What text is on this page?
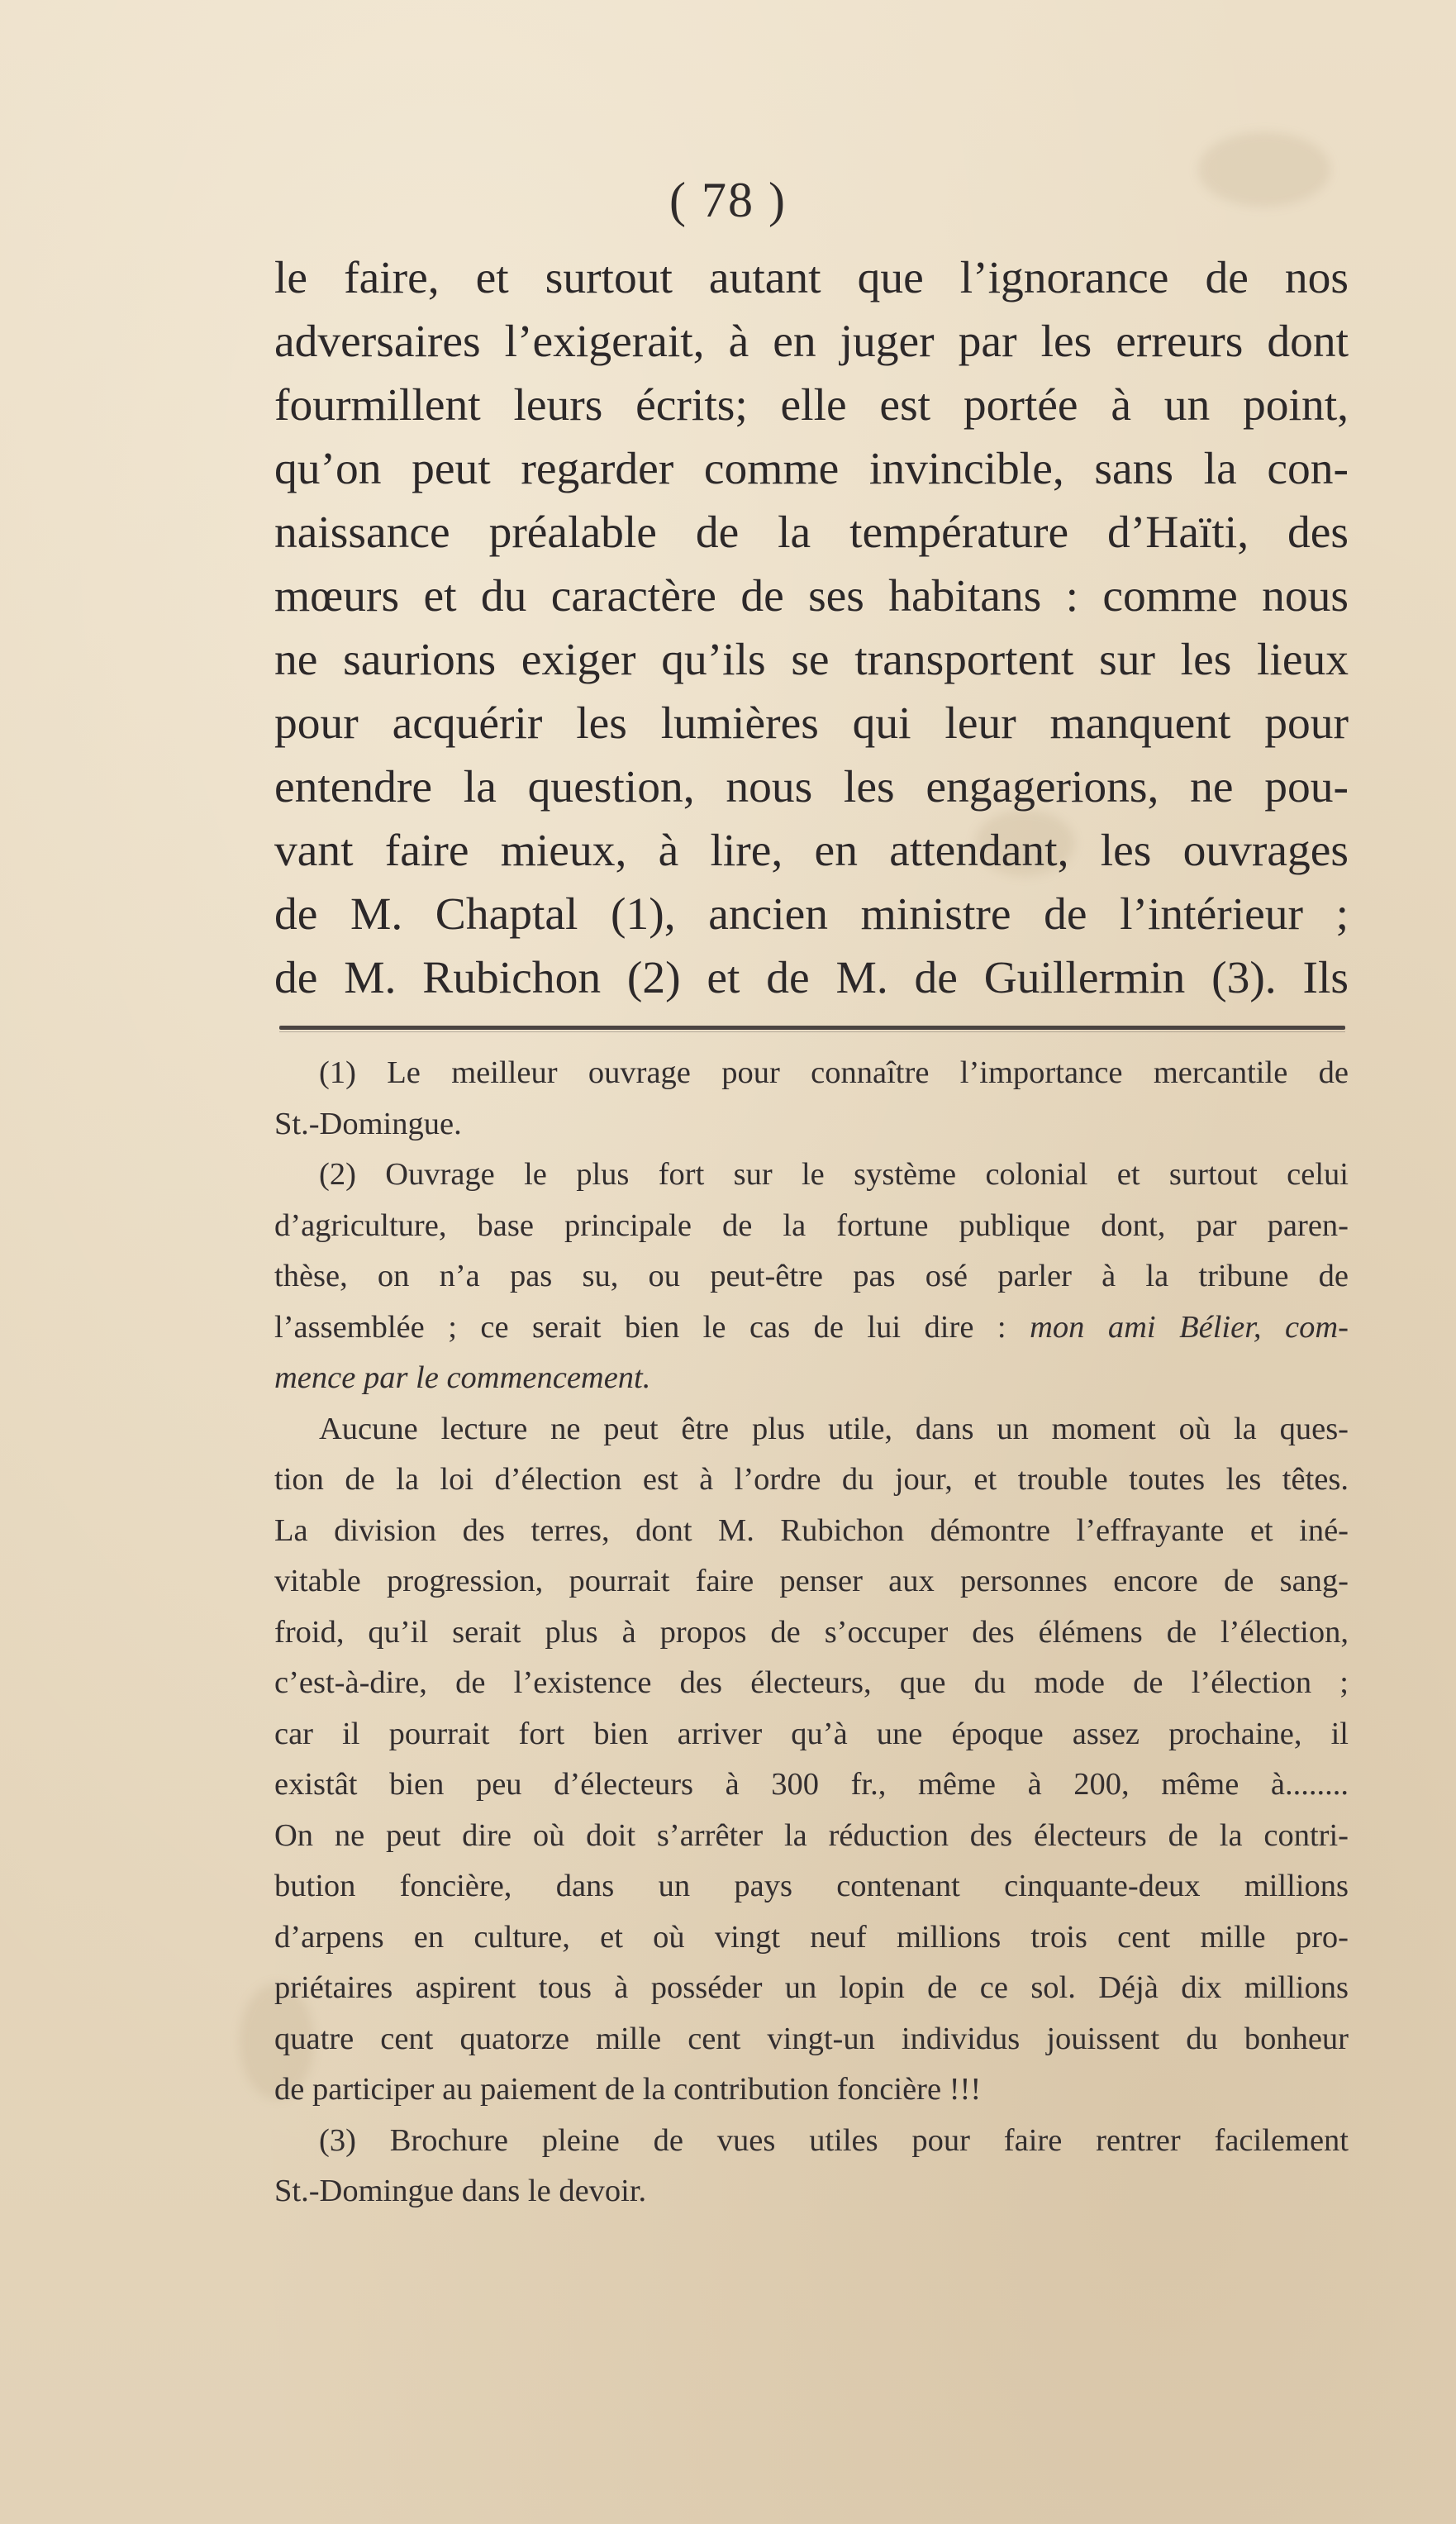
( 78 )
le faire, et surtout autant que l’ignorance de nos
adversaires l’exigerait, à en juger par les erreurs dont
fourmillent leurs écrits; elle est portée à un point,
qu’on peut regarder comme invincible, sans la con-
naissance préalable de la température d’Haïti, des
mœurs et du caractère de ses habitans : comme nous
ne saurions exiger qu’ils se transportent sur les lieux
pour acquérir les lumières qui leur manquent pour
entendre la question, nous les engagerions, ne pou-
vant faire mieux, à lire, en attendant, les ouvrages
de M. Chaptal (1), ancien ministre de l’intérieur ;
de M. Rubichon (2) et de M. de Guillermin (3). Ils
(1) Le meilleur ouvrage pour connaître l’importance mercantile de
St.-Domingue.
(2) Ouvrage le plus fort sur le système colonial et surtout celui
d’agriculture, base principale de la fortune publique dont, par paren-
thèse, on n’a pas su, ou peut-être pas osé parler à la tribune de
l’assemblée ; ce serait bien le cas de lui dire : mon ami Bélier, com-
mence par le commencement.
Aucune lecture ne peut être plus utile, dans un moment où la ques-
tion de la loi d’élection est à l’ordre du jour, et trouble toutes les têtes.
La division des terres, dont M. Rubichon démontre l’effrayante et iné-
vitable progression, pourrait faire penser aux personnes encore de sang-
froid, qu’il serait plus à propos de s’occuper des élémens de l’élection,
c’est-à-dire, de l’existence des électeurs, que du mode de l’élection ;
car il pourrait fort bien arriver qu’à une époque assez prochaine, il
existât bien peu d’électeurs à 300 fr., même à 200, même à........
On ne peut dire où doit s’arrêter la réduction des électeurs de la contri-
bution foncière, dans un pays contenant cinquante-deux millions
d’arpens en culture, et où vingt neuf millions trois cent mille pro-
priétaires aspirent tous à posséder un lopin de ce sol. Déjà dix millions
quatre cent quatorze mille cent vingt-un individus jouissent du bonheur
de participer au paiement de la contribution foncière !!!
(3) Brochure pleine de vues utiles pour faire rentrer facilement
St.-Domingue dans le devoir.
